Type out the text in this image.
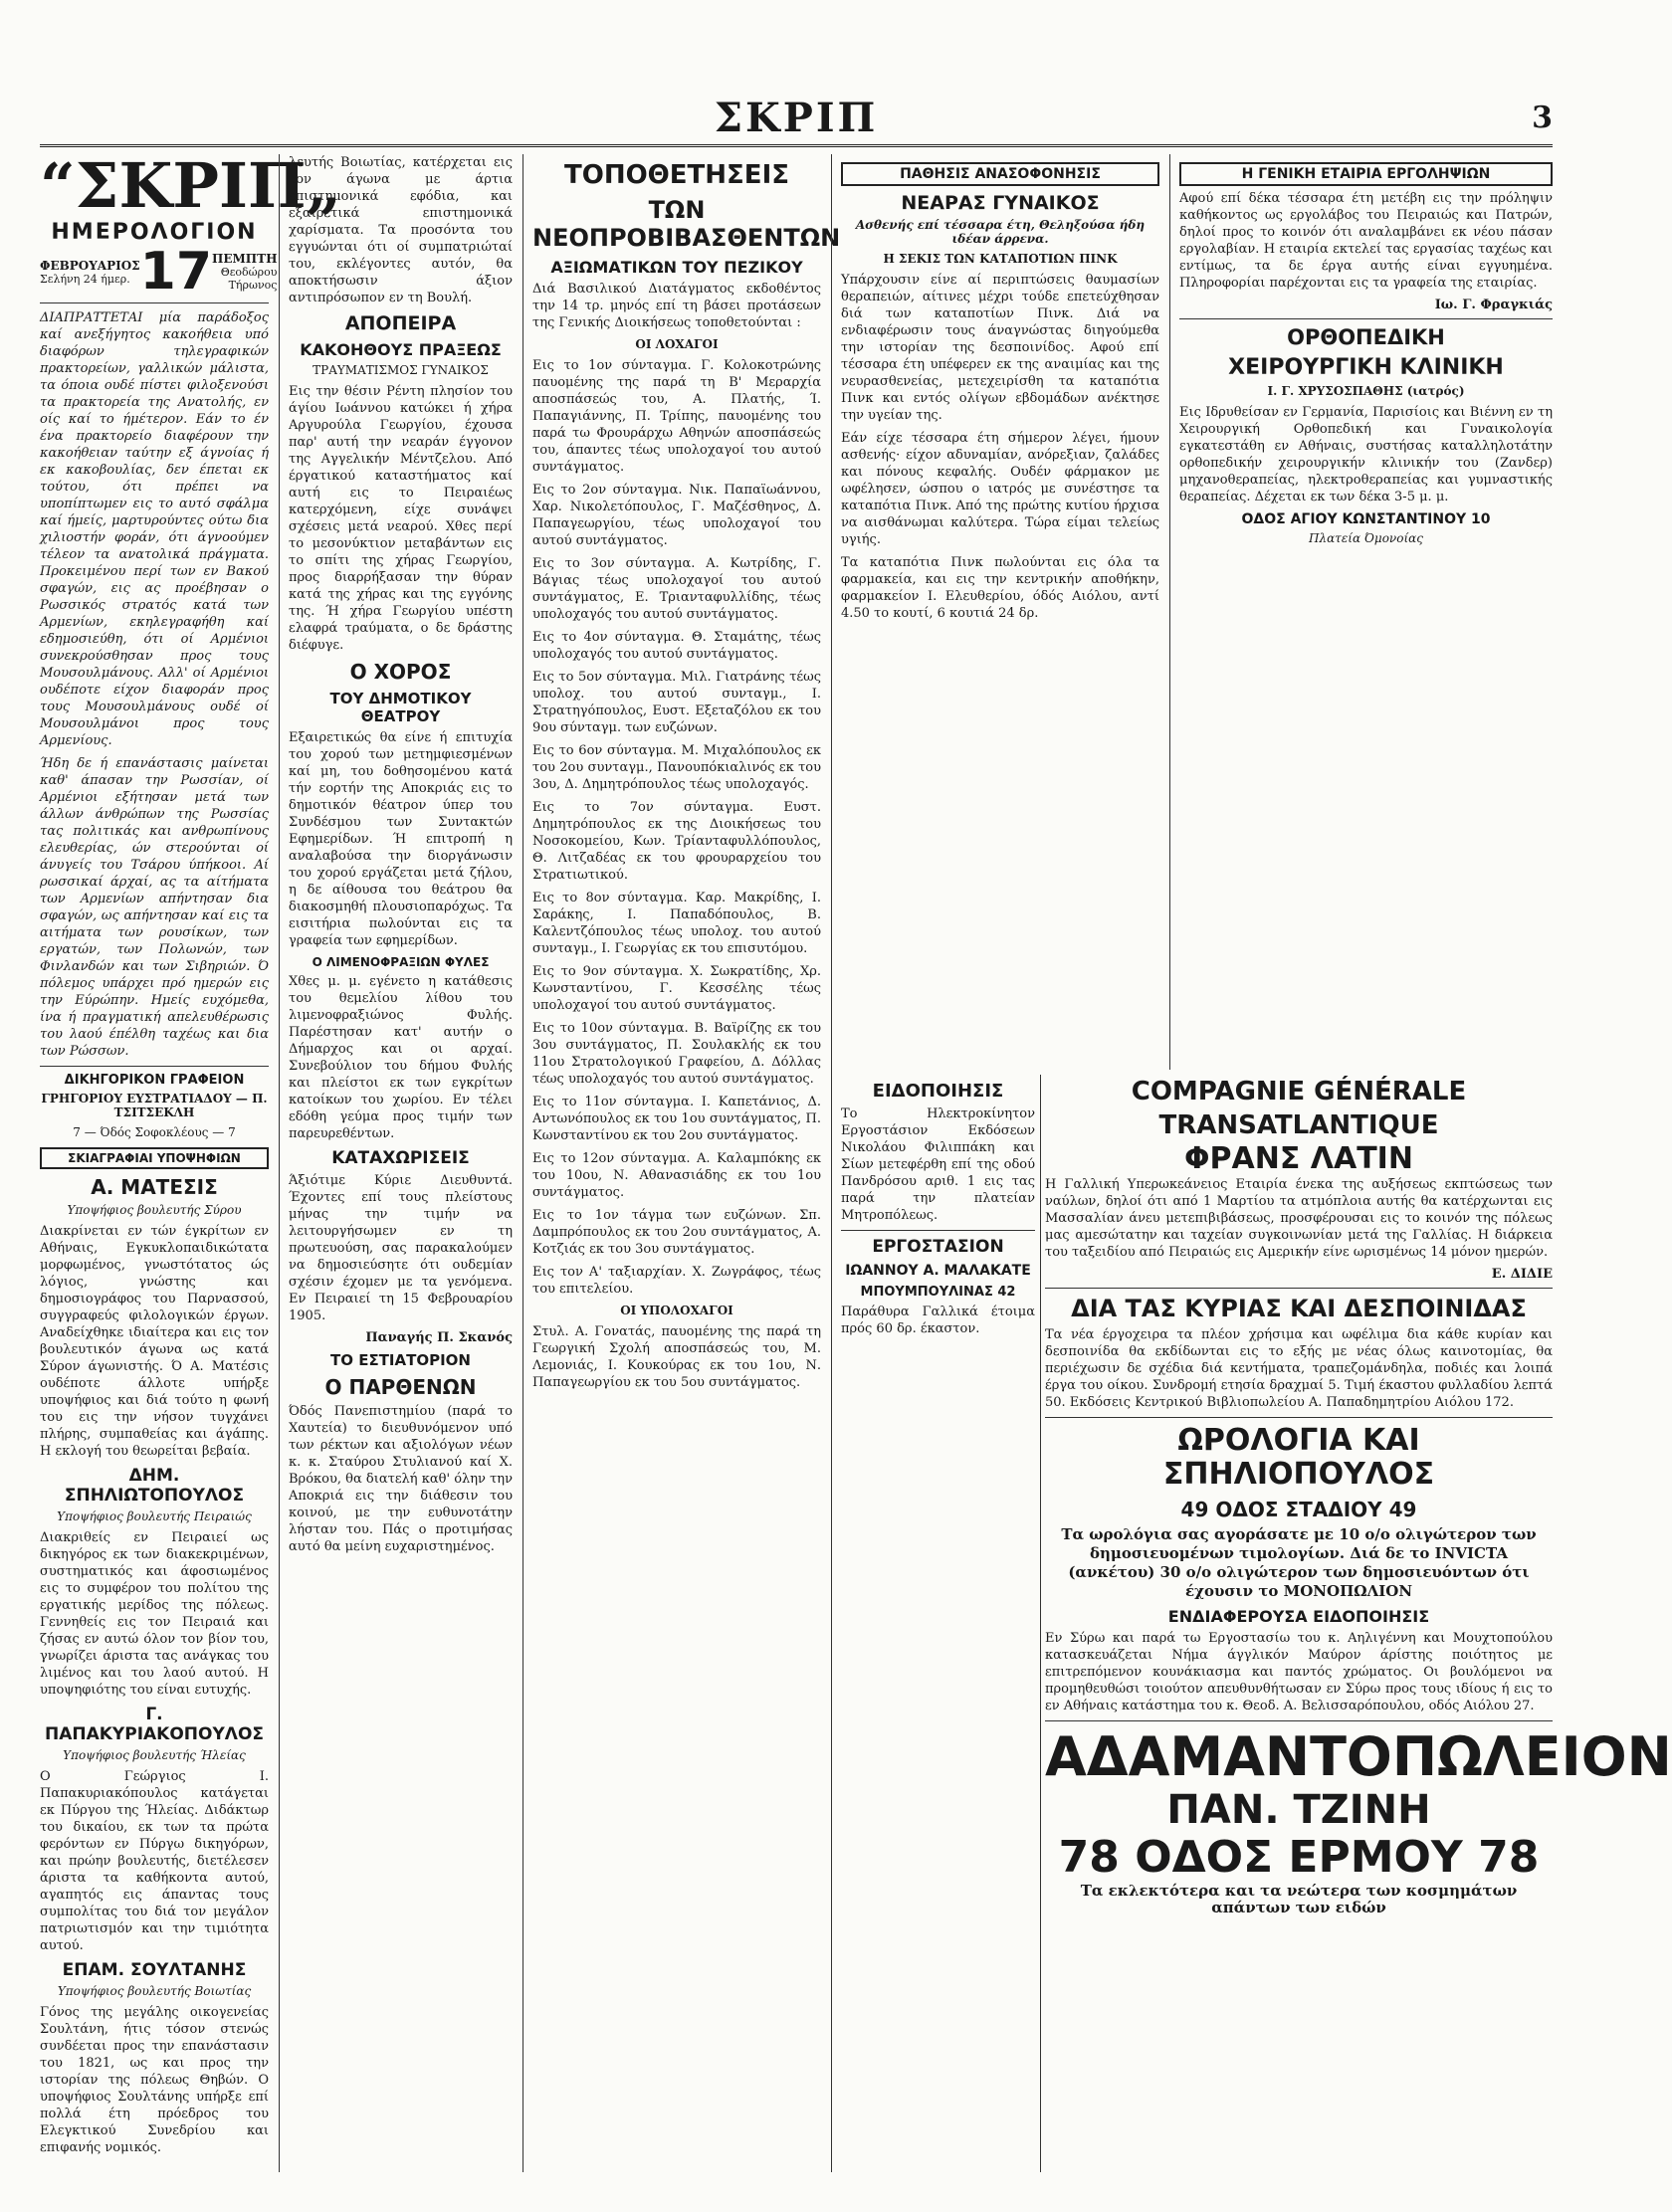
ΣΚΡΙΠ	3
“ΣΚΡΙΠ„
ΗΜΕΡΟΛΟΓΙΟΝ
ΦΕΒΡΟΥΑΡΙΟΣ
Σελήνη 24 ήμερ. 17 ΠΕΜΠΤΗ
Θεοδώρου Τήρωνος

ΔΙΑΠΡΑΤΤΕΤΑΙ μία παράδοξος καί ανεξήγητος κακοήθεια υπό διαφόρων τηλεγραφικών πρακτορείων, γαλλικών μάλιστα, τα όποια ουδέ πίστει φιλοξενούσι τα πρακτορεία της Ανατολής, εν οίς καί το ήμέτερον. Εάν το έν ένα πρακτορείο διαφέρουν την κακοήθειαν ταύτην εξ άγνοίας ή εκ κακοβουλίας, δεν έπεται εκ τούτου, ότι πρέπει να υποπίπτωμεν εις το αυτό σφάλμα καί ήμείς, μαρτυρούντες ούτω δια χιλιοστήν φοράν, ότι άγνοούμεν τέλεον τα ανατολικά πράγματα. Προκειμένου περί των εν Βακού σφαγών, εις ας προέβησαν ο Ρωσσικός στρατός κατά των Αρμενίων, εκηλεγραφήθη καί εδημοσιεύθη, ότι οί Αρμένιοι συνεκρούσθησαν προς τους Μουσουλμάνους. Αλλ' οί Αρμένιοι ουδέποτε είχον διαφοράν προς τους Μουσουλμάνους ουδέ οί Μουσουλμάνοι προς τους Αρμενίους.

Ήδη δε ή επανάστασις μαίνεται καθ' άπασαν την Ρωσσίαν, οί Αρμένιοι εξήτησαν μετά των άλλων άνθρώπων της Ρωσσίας τας πολιτικάς και ανθρωπίνους ελευθερίας, ών στερούνται οί άνυγείς του Τσάρου ύπήκοοι. Αί ρωσσικαί άρχαί, ας τα αίτήματα των Αρμενίων απήντησαν δια σφαγών, ως απήντησαν καί εις τα αιτήματα των ρουσίκων, των εργατών, των Πολωνών, των Φινλανδών και των Σιβηριών. Ό πόλεμος υπάρχει πρό ημερών εις την Εύρώπην. Ημείς ευχόμεθα, ίνα ή πραγματική απελευθέρωσις του λαού έπέλθη ταχέως και δια των Ρώσσων.

ΔΙΚΗΓΟΡΙΚΟΝ ΓΡΑΦΕΙΟΝ
ΓΡΗΓΟΡΙΟΥ ΕΥΣΤΡΑΤΙΑΔΟΥ — Π. ΤΣΙΤΣΕΚΛΗ
7 — Όδός Σοφοκλέους — 7
ΣΚΙΑΓΡΑΦΙΑΙ ΥΠΟΨΗΦΙΩΝ
Α. ΜΑΤΕΣΙΣ
Υποψήφιος βουλευτής Σύρου

Διακρίνεται εν τών έγκρίτων εν Αθήναις, Εγκυκλοπαιδικώτατα μορφωμένος, γνωστότατος ώς λόγιος, γνώστης και δημοσιογράφος του Παρνασσού, συγγραφεύς φιλολογικών έργων. Αναδείχθηκε ιδιαίτερα και εις τον βουλευτικόν άγωνα ως κατά Σύρον άγωνιστής. Ό Α. Ματέσις ουδέποτε άλλοτε υπήρξε υποψήφιος και διά τούτο η φωνή του εις την νήσον τυγχάνει πλήρης, συμπαθείας και άγάπης. Η εκλογή του θεωρείται βεβαία.

ΔΗΜ. ΣΠΗΛΙΩΤΟΠΟΥΛΟΣ
Υποψήφιος βουλευτής Πειραιώς

Διακριθείς εν Πειραιεί ως δικηγόρος εκ των διακεκριμένων, συστηματικός και άφοσιωμένος εις το συμφέρον του πολίτου της εργατικής μερίδος της πόλεως. Γεννηθείς εις τον Πειραιά και ζήσας εν αυτώ όλον τον βίον του, γνωρίζει άριστα τας ανάγκας του λιμένος και του λαού αυτού. Η υποψηφιότης του είναι ευτυχής.

Γ. ΠΑΠΑΚΥΡΙΑΚΟΠΟΥΛΟΣ
Υποψήφιος βουλευτής Ήλείας

Ο Γεώργιος Ι. Παπακυριακόπουλος κατάγεται εκ Πύργου της Ήλείας. Διδάκτωρ του δικαίου, εκ των τα πρώτα φερόντων εν Πύργω δικηγόρων, και πρώην βουλευτής, διετέλεσεν άριστα τα καθήκοντα αυτού, αγαπητός εις άπαντας τους συμπολίτας του διά τον μεγάλον πατριωτισμόν και την τιμιότητα αυτού.

ΕΠΑΜ. ΣΟΥΛΤΑΝΗΣ
Υποψήφιος βουλευτής Βοιωτίας

Γόνος της μεγάλης οικογενείας Σουλτάνη, ήτις τόσον στενώς συνδέεται προς την επανάστασιν του 1821, ως και προς την ιστορίαν της πόλεως Θηβών. Ο υποψήφιος Σουλτάνης υπήρξε επί πολλά έτη πρόεδρος του Ελεγκτικού Συνεδρίου και επιφανής νομικός.

λευτής Βοιωτίας, κατέρχεται εις τον άγωνα με άρτια επιστημονικά εφόδια, και εξαιρετικά επιστημονικά χαρίσματα. Τα προσόντα του εγγυώνται ότι οί συμπατριώταί του, εκλέγοντες αυτόν, θα αποκτήσωσιν άξιον αντιπρόσωπον εν τη Βουλή.

ΑΠΟΠΕΙΡΑ
ΚΑΚΟΗΘΟΥΣ ΠΡΑΞΕΩΣ
ΤΡΑΥΜΑΤΙΣΜΟΣ ΓΥΝΑΙΚΟΣ

Εις την θέσιν Ρέντη πλησίον του άγίου Ιωάννου κατώκει ή χήρα Αργυρούλα Γεωργίου, έχουσα παρ' αυτή την νεαράν έγγονον της Αγγελικήν Μέντζελου. Από έργατικού καταστήματος καί αυτή εις το Πειραιέως κατερχόμενη, είχε συνάψει σχέσεις μετά νεαρού. Χθες περί το μεσονύκτιον μεταβάντων εις το σπίτι της χήρας Γεωργίου, προς διαρρήξασαν την θύραν κατά της χήρας και της εγγόνης της. Ή χήρα Γεωργίου υπέστη ελαφρά τραύματα, ο δε δράστης διέφυγε.

Ο ΧΟΡΟΣ
ΤΟΥ ΔΗΜΟΤΙΚΟΥ ΘΕΑΤΡΟΥ

Εξαιρετικώς θα είνε ή επιτυχία του χορού των μετημφιεσμένων καί μη, του δοθησομένου κατά τήν εορτήν της Αποκριάς εις το δημοτικόν θέατρον ύπερ του Συνδέσμου των Συντακτών Εφημερίδων. Ή επιτροπή η αναλαβούσα την διοργάνωσιν του χορού εργάζεται μετά ζήλου, η δε αίθουσα του θεάτρου θα διακοσμηθή πλουσιοπαρόχως. Τα εισιτήρια πωλούνται εις τα γραφεία των εφημερίδων.

Ο ΛΙΜΕΝΟΦΡΑΞΙΩΝ ΦΥΛΕΣ

Χθες μ. μ. εγένετο η κατάθεσις του θεμελίου λίθου του λιμενοφραξιώνος Φυλής. Παρέστησαν κατ' αυτήν ο Δήμαρχος και οι αρχαί. Συνεβούλιον του δήμου Φυλής και πλείστοι εκ των εγκρίτων κατοίκων του χωρίου. Εν τέλει εδόθη γεύμα προς τιμήν των παρευρεθέντων.

ΚΑΤΑΧΩΡΙΣΕΙΣ

Άξιότιμε Κύριε Διευθυντά. Έχοντες επί τους πλείστους μήνας την τιμήν να λειτουργήσωμεν εν τη πρωτευούση, σας παρακαλούμεν να δημοσιεύσητε ότι ουδεμίαν σχέσιν έχομεν με τα γενόμενα. Εν Πειραιεί τη 15 Φεβρουαρίου 1905.

Παναγής Π. Σκανός
ΤΟ ΕΣΤΙΑΤΟΡΙΟΝ
Ο ΠΑΡΘΕΝΩΝ

Όδός Πανεπιστημίου (παρά το Χαυτεία) το διευθυνόμενον υπό των ρέκτων και αξιολόγων νέων κ. κ. Σταύρου Στυλιανού καί Χ. Βρόκου, θα διατελή καθ' όλην την Αποκριά εις την διάθεσιν του κοινού, με την ευθυνοτάτην λήσταν του. Πάς ο προτιμήσας αυτό θα μείνη ευχαριστημένος.

ΤΟΠΟΘΕΤΗΣΕΙΣ
ΤΩΝ ΝΕΟΠΡΟΒΙΒΑΣΘΕΝΤΩΝ
ΑΞΙΩΜΑΤΙΚΩΝ ΤΟΥ ΠΕΖΙΚΟΥ

Διά Βασιλικού Διατάγματος εκδοθέντος την 14 τρ. μηνός επί τη βάσει προτάσεων της Γενικής Διοικήσεως τοποθετούνται :

ΟΙ ΛΟΧΑΓΟΙ

Εις το 1ον σύνταγμα. Γ. Κολοκοτρώνης παυομένης της παρά τη Β' Μεραρχία αποσπάσεώς του, Α. Πλατής, Ί. Παπαγιάννης, Π. Τρίπης, παυομένης του παρά τω Φρουράρχω Αθηνών αποσπάσεώς του, άπαντες τέως υπολοχαγοί του αυτού συντάγματος.

Εις το 2ον σύνταγμα. Νικ. Παπαϊωάννου, Χαρ. Νικολετόπουλος, Γ. Μαζέσθηνος, Δ. Παπαγεωργίου, τέως υπολοχαγοί του αυτού συντάγματος.

Εις το 3ον σύνταγμα. Α. Κωτρίδης, Γ. Βάγιας τέως υπολοχαγοί του αυτού συντάγματος, Ε. Τριανταφυλλίδης, τέως υπολοχαγός του αυτού συντάγματος.

Εις το 4ον σύνταγμα. Θ. Σταμάτης, τέως υπολοχαγός του αυτού συντάγματος.

Εις το 5ον σύνταγμα. Μιλ. Γιατράνης τέως υπολοχ. του αυτού συνταγμ., Ι. Στρατηγόπουλος, Ευστ. Εξεταζόλου εκ του 9ου σύνταγμ. των ευζώνων.

Εις το 6ον σύνταγμα. Μ. Μιχαλόπουλος εκ του 2ου συνταγμ., Πανουπόκιαλινός εκ του 3ου, Δ. Δημητρόπουλος τέως υπολοχαγός.

Εις το 7ον σύνταγμα. Ευστ. Δημητρόπουλος εκ της Διοικήσεως του Νοσοκομείου, Κων. Τρίανταφυλλόπουλος, Θ. Λιτζαδέας εκ του φρουραρχείου του Στρατιωτικού.

Εις το 8ον σύνταγμα. Καρ. Μακρίδης, Ι. Σαράκης, Ι. Παπαδόπουλος, Β. Καλεντζόπουλος τέως υπολοχ. του αυτού συνταγμ., Ι. Γεωργίας εκ του επισυτόμου.

Εις το 9ον σύνταγμα. Χ. Σωκρατίδης, Χρ. Κωνσταντίνου, Γ. Κεσσέλης τέως υπολοχαγοί του αυτού συντάγματος.

Εις το 10ον σύνταγμα. Β. Βαϊρίζης εκ του 3ου συντάγματος, Π. Σουλακλής εκ του 11ου Στρατολογικού Γραφείου, Δ. Δόλλας τέως υπολοχαγός του αυτού συντάγματος.

Εις το 11ον σύνταγμα. Ι. Καπετάνιος, Δ. Αντωνόπουλος εκ του 1ου συντάγματος, Π. Κωνσταντίνου εκ του 2ου συντάγματος.

Εις το 12ον σύνταγμα. Α. Καλαμπόκης εκ του 10ου, Ν. Αθανασιάδης εκ του 1ου συντάγματος.

Εις το 1ον τάγμα των ευζώνων. Σπ. Δαμπρόπουλος εκ του 2ου συντάγματος, Α. Κοτζιάς εκ του 3ου συντάγματος.

Εις τον Α' ταξιαρχίαν. Χ. Ζωγράφος, τέως του επιτελείου.

ΟΙ ΥΠΟΛΟΧΑΓΟΙ

Στυλ. Α. Γονατάς, παυομένης της παρά τη Γεωργική Σχολή αποσπάσεώς του, Μ. Λεμονιάς, Ι. Κουκούρας εκ του 1ου, Ν. Παπαγεωργίου εκ του 5ου συντάγματος.

ΠΑΘΗΣΙΣ ΑΝΑΣΟΦΟΝΗΣΙΣ
ΝΕΑΡΑΣ ΓΥΝΑΙΚΟΣ
Ασθενής επί τέσσαρα έτη, Θεληξούσα ήδη ιδέαν άρρενα.
Η ΣΕΚΙΣ ΤΩΝ ΚΑΤΑΠΟΤΙΩΝ ΠΙΝΚ

Υπάρχουσιν είνε αί περιπτώσεις θαυμασίων θεραπειών, αίτινες μέχρι τούδε επετεύχθησαν διά των καταποτίων Πινκ. Διά να ενδιαφέρωσιν τους άναγνώστας διηγούμεθα την ιστορίαν της δεσποινίδος. Αφού επί τέσσαρα έτη υπέφερεν εκ της αναιμίας και της νευρασθενείας, μετεχειρίσθη τα καταπότια Πινκ και εντός ολίγων εβδομάδων ανέκτησε την υγείαν της.

Εάν είχε τέσσαρα έτη σήμερον λέγει, ήμουν ασθενής· είχον αδυναμίαν, ανόρεξιαν, ζαλάδες και πόνους κεφαλής. Ουδέν φάρμακον με ωφέλησεν, ώσπου ο ιατρός με συνέστησε τα καταπότια Πινκ. Από της πρώτης κυτίου ήρχισα να αισθάνωμαι καλύτερα. Τώρα είμαι τελείως υγιής.

Τα καταπότια Πινκ πωλούνται εις όλα τα φαρμακεία, και εις την κεντρικήν αποθήκην, φαρμακείον Ι. Ελευθερίου, όδός Αιόλου, αντί 4.50 το κουτί, 6 κουτιά 24 δρ.

Η ΓΕΝΙΚΗ ΕΤΑΙΡΙΑ ΕΡΓΟΛΗΨΙΩΝ

Αφού επί δέκα τέσσαρα έτη μετέβη εις την πρόληψιν καθήκοντος ως εργολάβος του Πειραιώς και Πατρών, δηλοί προς το κοινόν ότι αναλαμβάνει εκ νέου πάσαν εργολαβίαν. Η εταιρία εκτελεί τας εργασίας ταχέως και εντίμως, τα δε έργα αυτής είναι εγγυημένα. Πληροφορίαι παρέχονται εις τα γραφεία της εταιρίας.

Ιω. Γ. Φραγκιάς
ΟΡΘΟΠΕΔΙΚΗ
ΧΕΙΡΟΥΡΓΙΚΗ ΚΛΙΝΙΚΗ
Ι. Γ. ΧΡΥΣΟΣΠΑΘΗΣ (ιατρός)

Εις Ιδρυθείσαν εν Γερμανία, Παρισίοις και Βιέννη εν τη Χειρουργική Ορθοπεδική και Γυναικολογία εγκατεστάθη εν Αθήναις, συστήσας καταλληλοτάτην ορθοπεδικήν χειρουργικήν κλινικήν του (Ζανδερ) μηχανοθεραπείας, ηλεκτροθεραπείας και γυμναστικής θεραπείας. Δέχεται εκ των δέκα 3-5 μ. μ.

ΟΔΟΣ ΑΓΙΟΥ ΚΩΝΣΤΑΝΤΙΝΟΥ 10
Πλατεία Όμονοίας
COMPAGNIE GÉNÉRALE TRANSATLANTIQUE
ΦΡΑΝΣ ΛΑΤΙΝ

Η Γαλλική Υπερωκεάνειος Εταιρία ένεκα της αυξήσεως εκπτώσεως των ναύλων, δηλοί ότι από 1 Μαρτίου τα ατμόπλοια αυτής θα κατέρχωνται εις Μασσαλίαν άνευ μετεπιβιβάσεως, προσφέρουσαι εις το κοινόν της πόλεως μας αμεσώτατην και ταχείαν συγκοινωνίαν μετά της Γαλλίας. Η διάρκεια του ταξειδίου από Πειραιώς εις Αμερικήν είνε ωρισμένως 14 μόνον ημερών.

Ε. ΔΙΔΙΕ
ΔΙΑ ΤΑΣ ΚΥΡΙΑΣ ΚΑΙ ΔΕΣΠΟΙΝΙΔΑΣ

Τα νέα έργοχειρα τα πλέον χρήσιμα και ωφέλιμα δια κάθε κυρίαν και δεσποινίδα θα εκδίδωνται εις το εξής με νέας όλως καινοτομίας, θα περιέχωσιν δε σχέδια διά κεντήματα, τραπεζομάνδηλα, ποδιές και λοιπά έργα του οίκου. Συνδρομή ετησία δραχμαί 5. Τιμή έκαστου φυλλαδίου λεπτά 50. Εκδόσεις Κεντρικού Βιβλιοπωλείου Α. Παπαδημητρίου Αιόλου 172.

ΩΡΟΛΟΓΙΑ ΚΑΙ ΣΠΗΛΙΟΠΟΥΛΟΣ
49 ΟΔΟΣ ΣΤΑΔΙΟΥ 49

Τα ωρολόγια σας αγοράσατε με 10 ο/ο ολιγώτερον των δημοσιευομένων τιμολογίων. Διά δε το INVICTA (ανκέτου) 30 ο/ο ολιγώτερον των δημοσιευόντων ότι έχουσιν το ΜΟΝΟΠΩΛΙΟΝ

ΕΝΔΙΑΦΕΡΟΥΣΑ ΕΙΔΟΠΟΙΗΣΙΣ

Εν Σύρω και παρά τω Εργοστασίω του κ. Αηλιγέννη και Μουχτοπούλου κατασκευάζεται Νήμα άγγλικόν Μαύρον άρίστης ποιότητος με επιτρεπόμενον κουνάκιασμα και παντός χρώματος. Οι βουλόμενοι να προμηθευθώσι τοιούτον απευθυνθήτωσαν εν Σύρω προς τους ιδίους ή εις το εν Αθήναις κατάστημα του κ. Θεοδ. Α. Βελισσαρόπουλου, οδός Αιόλου 27.

ΑΔΑΜΑΝΤΟΠΩΛΕΙΟΝ
ΠΑΝ. ΤΖΙΝΗ
78 ΟΔΟΣ ΕΡΜΟΥ 78

Τα εκλεκτότερα και τα νεώτερα των κοσμημάτων απάντων των ειδών

ΕΙΔΟΠΟΙΗΣΙΣ

Το Ηλεκτροκίνητον Εργοστάσιον Εκδόσεων Νικολάου Φιλιππάκη και Σίων μετεφέρθη επί της οδού Πανδρόσου αριθ. 1 εις τας παρά την πλατείαν Μητροπόλεως.

ΕΡΓΟΣΤΑΣΙΟΝ
ΙΩΑΝΝΟΥ Α. ΜΑΛΑΚΑΤΕ
ΜΠΟΥΜΠΟΥΛΙΝΑΣ 42

Παράθυρα Γαλλικά έτοιμα πρός 60 δρ. έκαστον.
